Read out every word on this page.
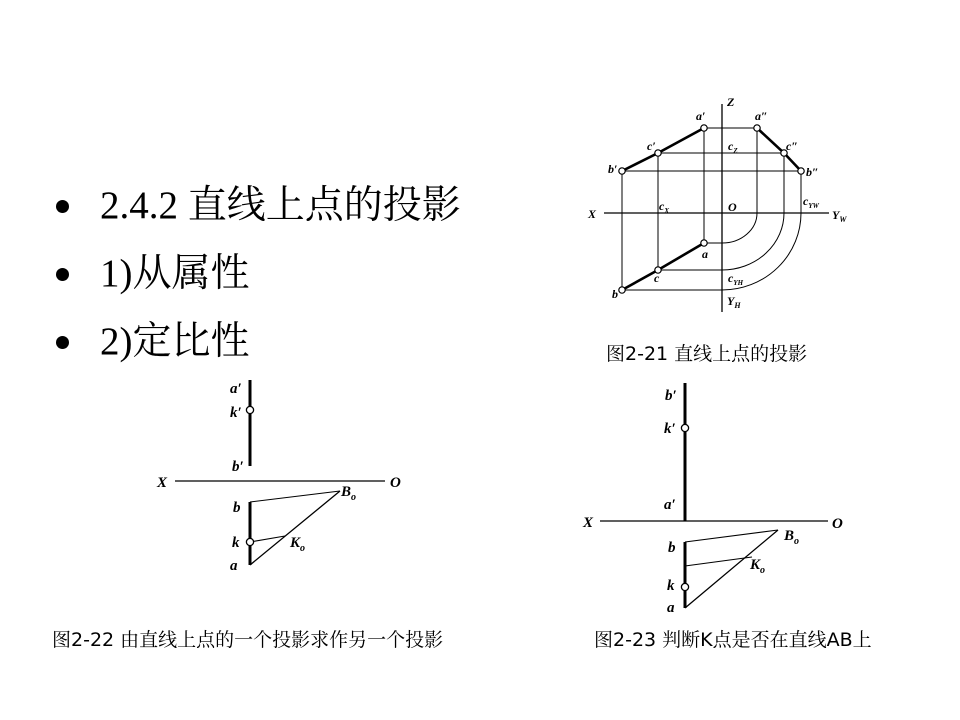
2.4.2 直线上点的投影
1)从属性
2)定比性
Z
X	O
$Y_W$
$Y_H$
a′	a″
b′	b″
c′	c″
a
b
c
$c_Z$
$c_X$
$c_{YW}$
$c_{YH}$
a′
k′
b′
X	O
b
$B_o$
k	$K_o$
a
b′
k′
a′
X	O
b
$B_o$
$K_o$
k
a
图2-21 直线上点的投影
图2-22 由直线上点的一个投影求作另一个投影	图2-23 判断K点是否在直线AB上
